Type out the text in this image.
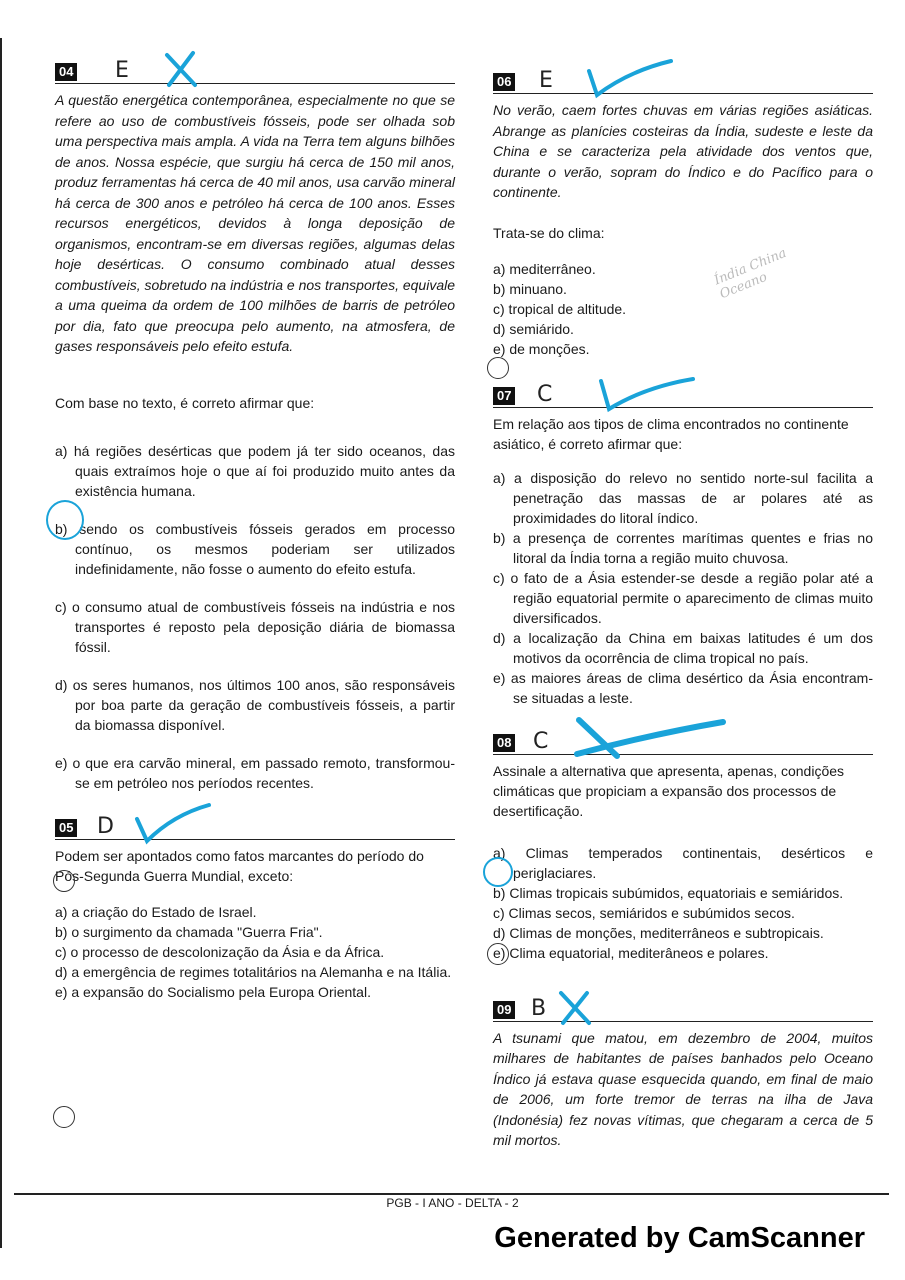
04 E
A questão energética contemporânea, especialmente no que se refere ao uso de combustíveis fósseis, pode ser olhada sob uma perspectiva mais ampla. A vida na Terra tem alguns bilhões de anos. Nossa espécie, que surgiu há cerca de 150 mil anos, produz ferramentas há cerca de 40 mil anos, usa carvão mineral há cerca de 300 anos e petróleo há cerca de 100 anos. Esses recursos energéticos, devidos à longa deposição de organismos, encontram-se em diversas regiões, algumas delas hoje desérticas. O consumo combinado atual desses combustíveis, sobretudo na indústria e nos transportes, equivale a uma queima da ordem de 100 milhões de barris de petróleo por dia, fato que preocupa pelo aumento, na atmosfera, de gases responsáveis pelo efeito estufa.
Com base no texto, é correto afirmar que:
a) há regiões desérticas que podem já ter sido oceanos, das quais extraímos hoje o que aí foi produzido muito antes da existência humana.
b) sendo os combustíveis fósseis gerados em processo contínuo, os mesmos poderiam ser utilizados indefinidamente, não fosse o aumento do efeito estufa.
c) o consumo atual de combustíveis fósseis na indústria e nos transportes é reposto pela deposição diária de biomassa fóssil.
d) os seres humanos, nos últimos 100 anos, são responsáveis por boa parte da geração de combustíveis fósseis, a partir da biomassa disponível.
e) o que era carvão mineral, em passado remoto, transformou-se em petróleo nos períodos recentes.
05 D
Podem ser apontados como fatos marcantes do período do Pós-Segunda Guerra Mundial, exceto:
a) a criação do Estado de Israel.
b) o surgimento da chamada "Guerra Fria".
c) o processo de descolonização da Ásia e da África.
d) a emergência de regimes totalitários na Alemanha e na Itália.
e) a expansão do Socialismo pela Europa Oriental.
06 E
No verão, caem fortes chuvas em várias regiões asiáticas. Abrange as planícies costeiras da Índia, sudeste e leste da China e se caracteriza pela atividade dos ventos que, durante o verão, sopram do Índico e do Pacífico para o continente.
Trata-se do clima:
Índia China Oceano
a) mediterrâneo.
b) minuano.
c) tropical de altitude.
d) semiárido.
e) de monções.
07 C
Em relação aos tipos de clima encontrados no continente asiático, é correto afirmar que:
a) a disposição do relevo no sentido norte-sul facilita a penetração das massas de ar polares até as proximidades do litoral índico.
b) a presença de correntes marítimas quentes e frias no litoral da Índia torna a região muito chuvosa.
c) o fato de a Ásia estender-se desde a região polar até a região equatorial permite o aparecimento de climas muito diversificados.
d) a localização da China em baixas latitudes é um dos motivos da ocorrência de clima tropical no país.
e) as maiores áreas de clima desértico da Ásia encontram-se situadas a leste.
08 C
Assinale a alternativa que apresenta, apenas, condições climáticas que propiciam a expansão dos processos de desertificação.
a) Climas temperados continentais, desérticos e periglaciares.
b) Climas tropicais subúmidos, equatoriais e semiáridos.
c) Climas secos, semiáridos e subúmidos secos.
d) Climas de monções, mediterrâneos e subtropicais.
e) Clima equatorial, mediterâneos e polares.
09 B
A tsunami que matou, em dezembro de 2004, muitos milhares de habitantes de países banhados pelo Oceano Índico já estava quase esquecida quando, em final de maio de 2006, um forte tremor de terras na ilha de Java (Indonésia) fez novas vítimas, que chegaram a cerca de 5 mil mortos.
PGB - I ANO - DELTA - 2
Generated by CamScanner
